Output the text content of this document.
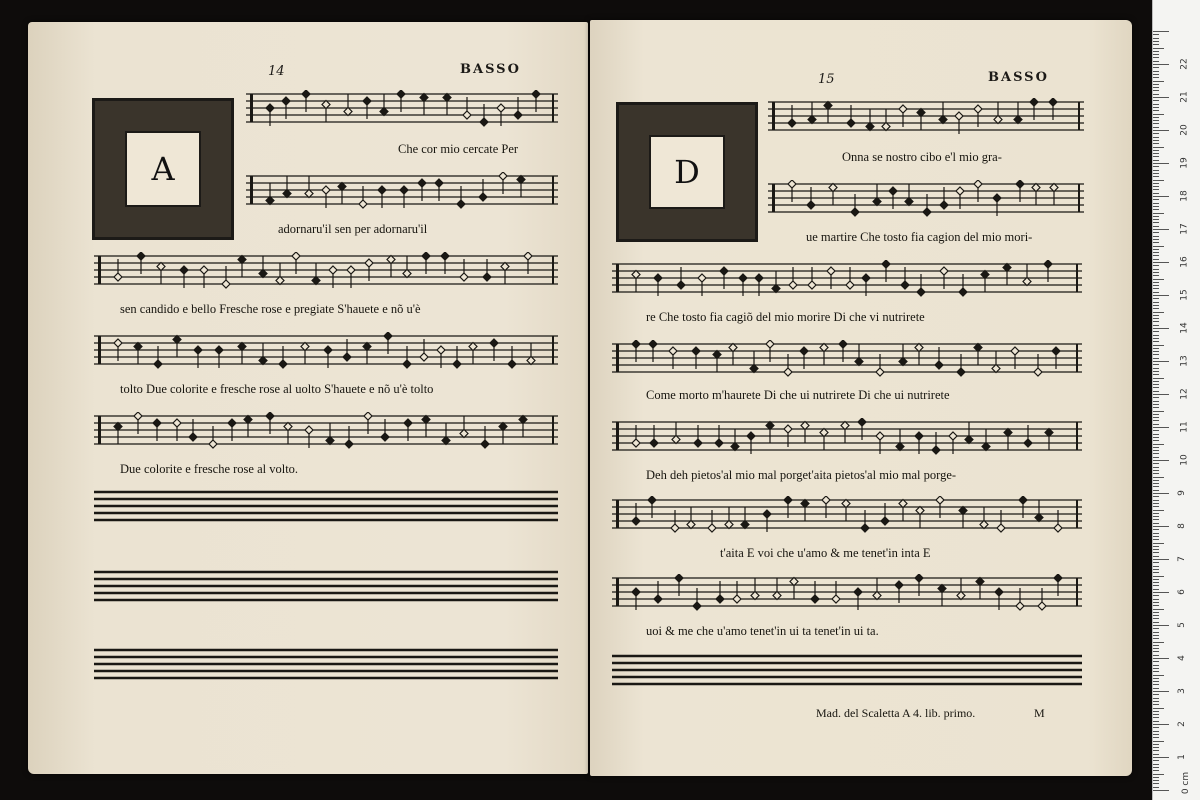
14	BASSO
A
Che cor mio cercate Per
adornaru'il sen per adornaru'il
sen candido e bello Fresche rose e pregiate S'hauete e nõ u'è
tolto Due colorite e fresche rose al uolto S'hauete e nõ u'è tolto
Due colorite e fresche rose al volto.
15	BASSO
D	Onna se nostro cibo e'l mio gra-
ue martire Che tosto fia cagion del mio mori-
re Che tosto fia cagiõ del mio morire Di che vi nutrirete
Come morto m'haurete Di che ui nutrirete Di che ui nutrirete
Deh deh pietos'al mio mal porget'aita pietos'al mio mal porge-
t'aita E voi che u'amo & me tenet'in inta E
uoi & me che u'amo tenet'in ui ta tenet'in ui ta.
Mad. del Scaletta A 4. lib. primo.	M
0 cm
1
2
3
4
5
6
7
8
9
10
11
12
13
14
15
16
17
18
19
20
21
22
